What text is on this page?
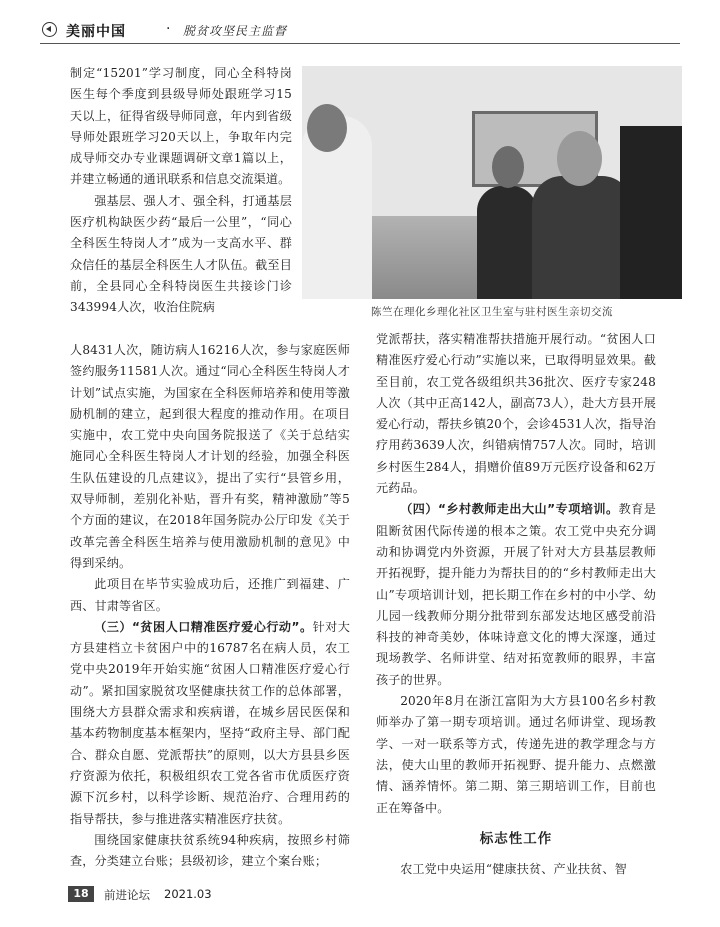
美丽中国	· 脱贫攻坚民主监督
陈竺在理化乡理化社区卫生室与驻村医生亲切交流

制定“15201”学习制度，同心全科特岗医生每个季度到县级导师处跟班学习15天以上，征得省级导师同意，年内到省级导师处跟班学习20天以上，争取年内完成导师交办专业课题调研文章1篇以上，并建立畅通的通讯联系和信息交流渠道。

强基层、强人才、强全科，打通基层医疗机构缺医少药“最后一公里”，“同心全科医生特岗人才”成为一支高水平、群众信任的基层全科医生人才队伍。截至目前，全县同心全科特岗医生共接诊门诊343994人次，收治住院病

人8431人次，随访病人16216人次，参与家庭医师签约服务11581人次。通过“同心全科医生特岗人才计划”试点实施，为国家在全科医师培养和使用等激励机制的建立，起到很大程度的推动作用。在项目实施中，农工党中央向国务院报送了《关于总结实施同心全科医生特岗人才计划的经验，加强全科医生队伍建设的几点建议》，提出了实行“县管乡用，双导师制，差别化补贴，晋升有奖，精神激励”等5个方面的建议，在2018年国务院办公厅印发《关于改革完善全科医生培养与使用激励机制的意见》中得到采纳。

此项目在毕节实验成功后，还推广到福建、广西、甘肃等省区。

（三）“贫困人口精准医疗爱心行动”。针对大方县建档立卡贫困户中的16787名在病人员，农工党中央2019年开始实施“贫困人口精准医疗爱心行动”。紧扣国家脱贫攻坚健康扶贫工作的总体部署，围绕大方县群众需求和疾病谱，在城乡居民医保和基本药物制度基本框架内，坚持“政府主导、部门配合、群众自愿、党派帮扶”的原则，以大方县县乡医疗资源为依托，积极组织农工党各省市优质医疗资源下沉乡村，以科学诊断、规范治疗、合理用药的指导帮扶，参与推进落实精准医疗扶贫。

围绕国家健康扶贫系统94种疾病，按照乡村筛查，分类建立台账；县级初诊，建立个案台账；

党派帮扶，落实精准帮扶措施开展行动。“贫困人口精准医疗爱心行动”实施以来，已取得明显效果。截至目前，农工党各级组织共36批次、医疗专家248人次（其中正高142人，副高73人），赴大方县开展爱心行动，帮扶乡镇20个，会诊4531人次，指导治疗用药3639人次，纠错病情757人次。同时，培训乡村医生284人，捐赠价值89万元医疗设备和62万元药品。

（四）“乡村教师走出大山”专项培训。教育是阻断贫困代际传递的根本之策。农工党中央充分调动和协调党内外资源，开展了针对大方县基层教师开拓视野，提升能力为帮扶目的的“乡村教师走出大山”专项培训计划，把长期工作在乡村的中小学、幼儿园一线教师分期分批带到东部发达地区感受前沿科技的神奇美妙，体味诗意文化的博大深邃，通过现场教学、名师讲堂、结对拓宽教师的眼界，丰富孩子的世界。

2020年8月在浙江富阳为大方县100名乡村教师举办了第一期专项培训。通过名师讲堂、现场教学、一对一联系等方式，传递先进的教学理念与方法，使大山里的教师开拓视野、提升能力、点燃激情、涵养情怀。第二期、第三期培训工作，目前也正在筹备中。

标志性工作

农工党中央运用“健康扶贫、产业扶贫、智

18	前进论坛 2021.03
